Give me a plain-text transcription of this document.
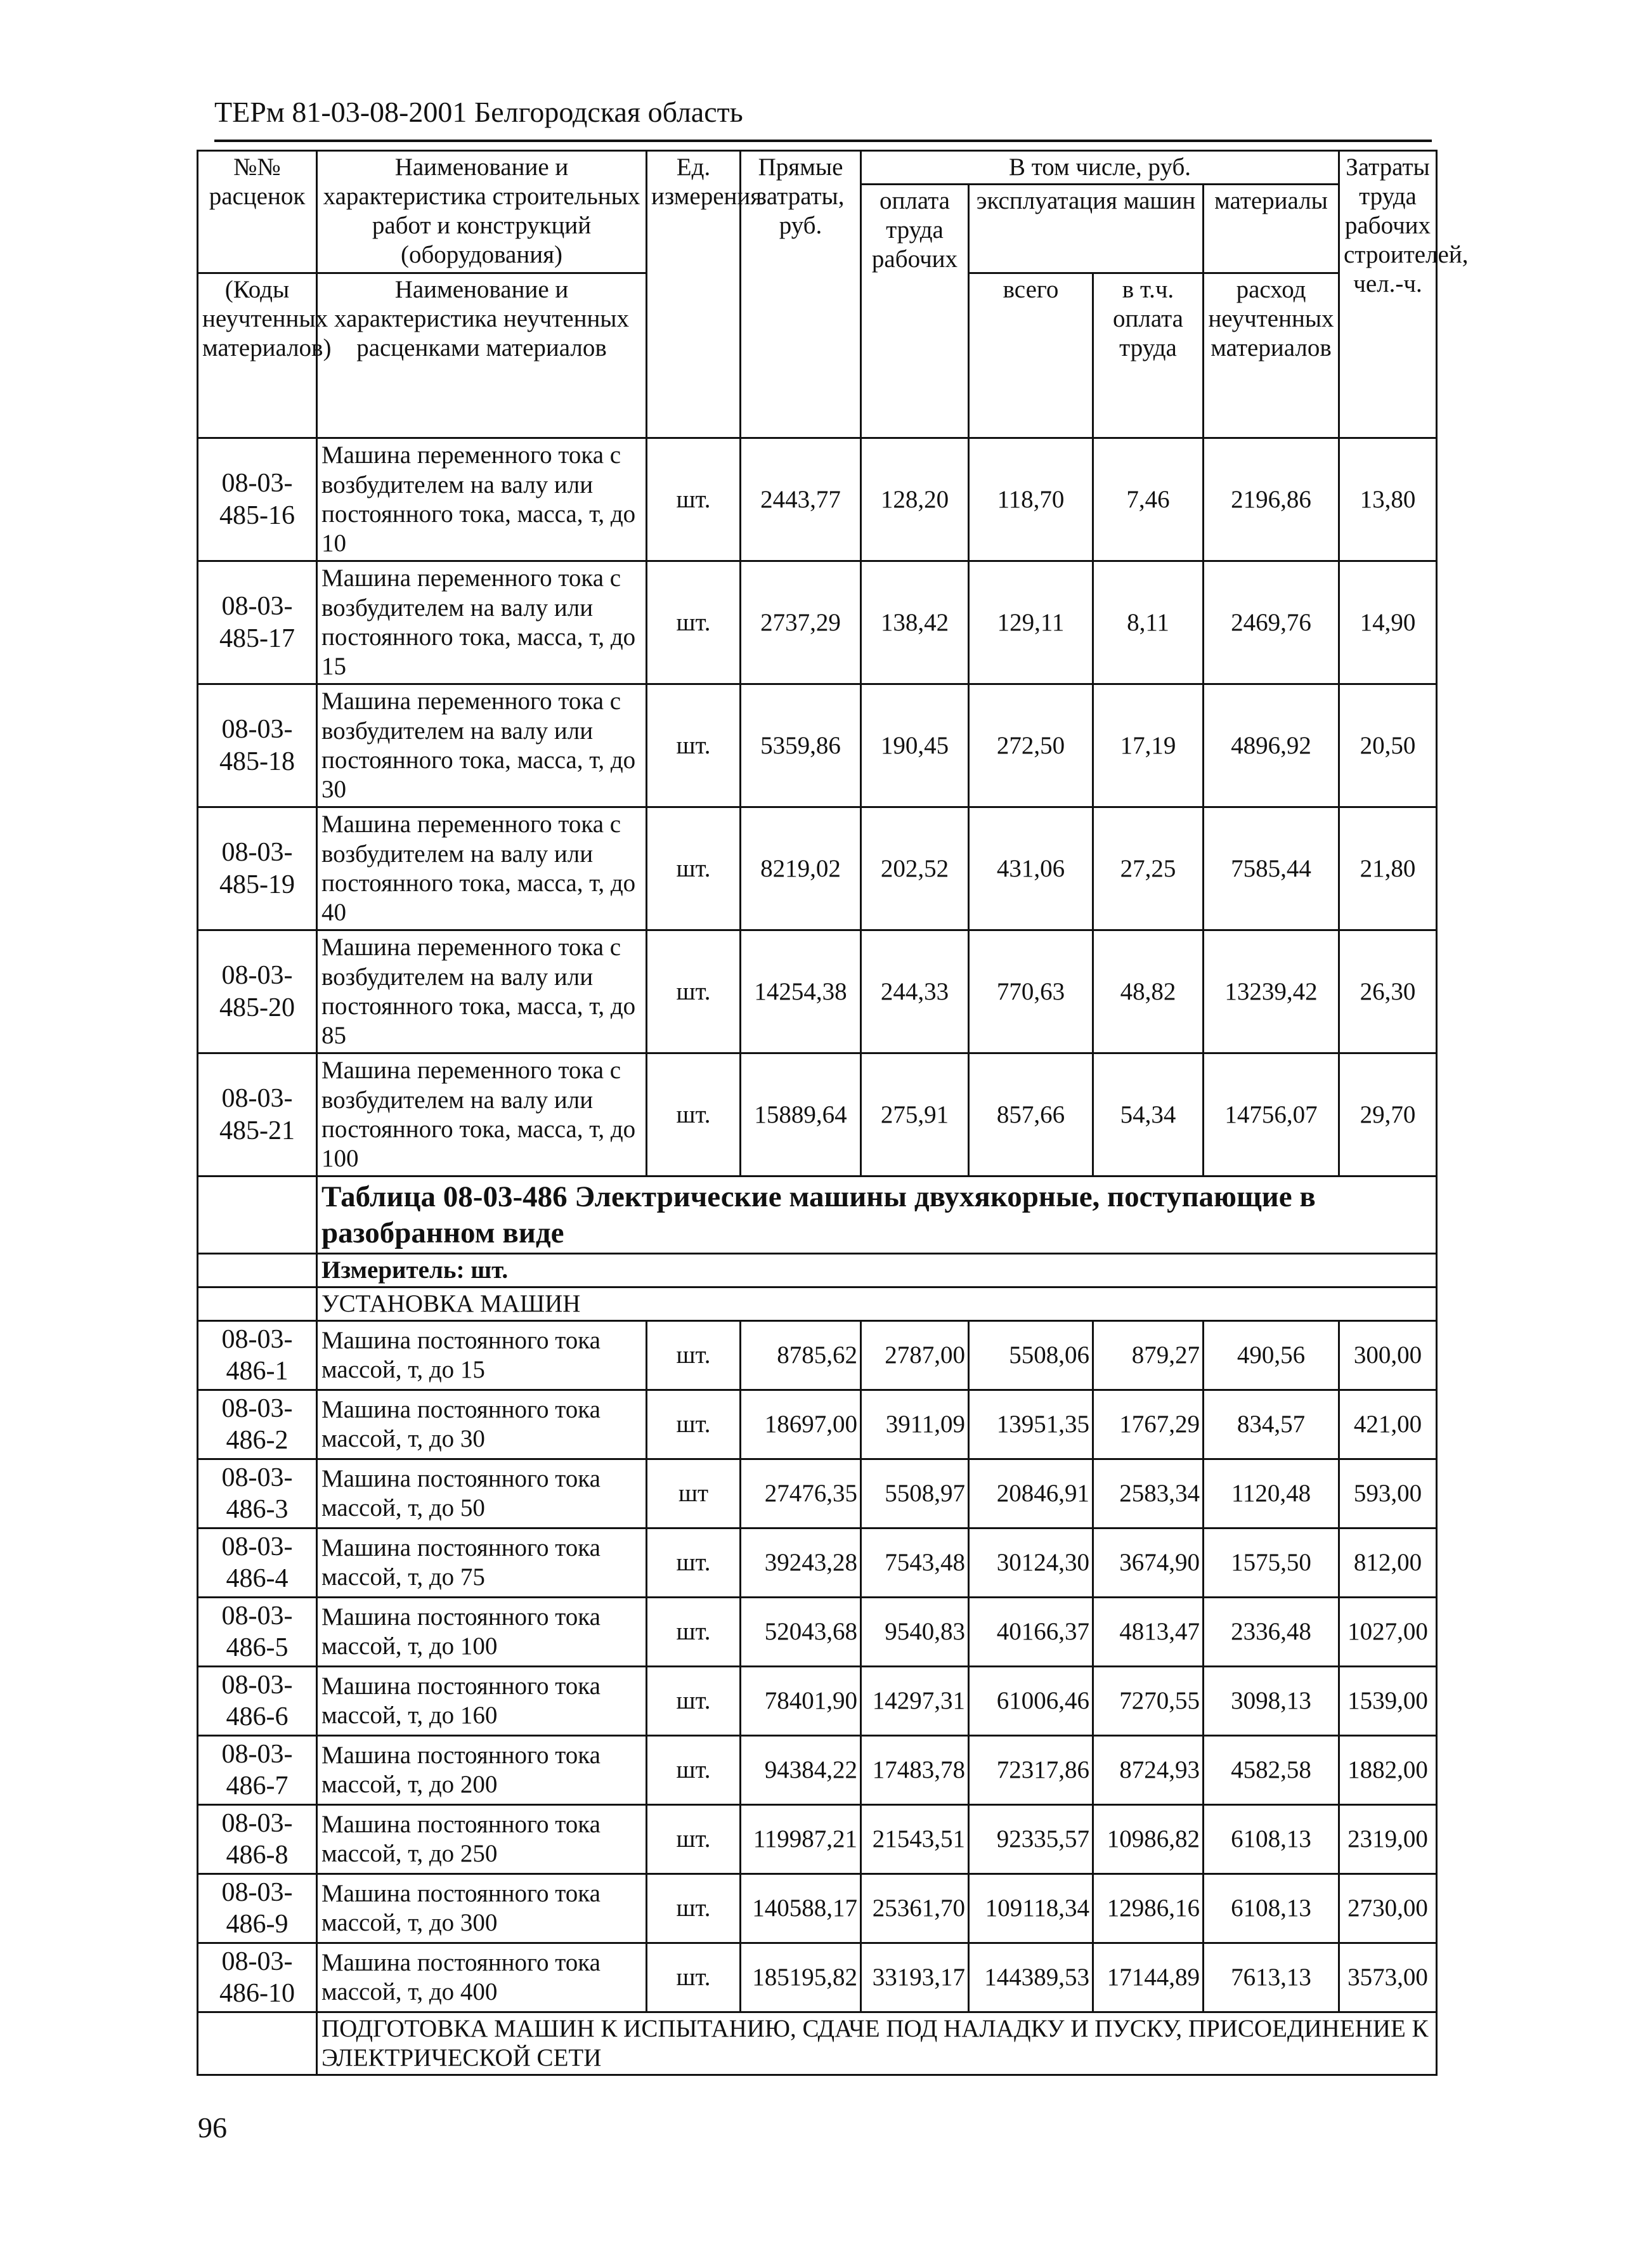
ТЕРм 81-03-08-2001 Белгородская область
№№ расценок	Наименование и характеристика строительных работ и конструкций (оборудования)	Ед. измерения	Прямые затраты, руб.	В том числе, руб.				Затраты труда рабочих строителей, чел.-ч.
				оплата труда рабочих	эксплуатация машин		материалы	
(Коды неучтенных материалов)	Наименование и характеристика неучтенных расценками материалов				всего	в т.ч. оплата труда	расход неучтенных материалов	

08-03-485-16	Машина переменного тока с возбудителем на валу или постоянного тока, масса, т, до 10	шт.	2443,77	128,20	118,70	7,46	2196,86	13,80
08-03-485-17	Машина переменного тока с возбудителем на валу или постоянного тока, масса, т, до 15	шт.	2737,29	138,42	129,11	8,11	2469,76	14,90
08-03-485-18	Машина переменного тока с возбудителем на валу или постоянного тока, масса, т, до 30	шт.	5359,86	190,45	272,50	17,19	4896,92	20,50
08-03-485-19	Машина переменного тока с возбудителем на валу или постоянного тока, масса, т, до 40	шт.	8219,02	202,52	431,06	27,25	7585,44	21,80
08-03-485-20	Машина переменного тока с возбудителем на валу или постоянного тока, масса, т, до 85	шт.	14254,38	244,33	770,63	48,82	13239,42	26,30
08-03-485-21	Машина переменного тока с возбудителем на валу или постоянного тока, масса, т, до 100	шт.	15889,64	275,91	857,66	54,34	14756,07	29,70
	Таблица 08-03-486 Электрические машины двухякорные, поступающие в разобранном виде							
	Измеритель: шт.							
	УСТАНОВКА МАШИН							
08-03-486-1	Машина постоянного тока массой, т, до 15	шт.	8785,62	2787,00	5508,06	879,27	490,56	300,00
08-03-486-2	Машина постоянного тока массой, т, до 30	шт.	18697,00	3911,09	13951,35	1767,29	834,57	421,00
08-03-486-3	Машина постоянного тока массой, т, до 50	шт	27476,35	5508,97	20846,91	2583,34	1120,48	593,00
08-03-486-4	Машина постоянного тока массой, т, до 75	шт.	39243,28	7543,48	30124,30	3674,90	1575,50	812,00
08-03-486-5	Машина постоянного тока массой, т, до 100	шт.	52043,68	9540,83	40166,37	4813,47	2336,48	1027,00
08-03-486-6	Машина постоянного тока массой, т, до 160	шт.	78401,90	14297,31	61006,46	7270,55	3098,13	1539,00
08-03-486-7	Машина постоянного тока массой, т, до 200	шт.	94384,22	17483,78	72317,86	8724,93	4582,58	1882,00
08-03-486-8	Машина постоянного тока массой, т, до 250	шт.	119987,21	21543,51	92335,57	10986,82	6108,13	2319,00
08-03-486-9	Машина постоянного тока массой, т, до 300	шт.	140588,17	25361,70	109118,34	12986,16	6108,13	2730,00
08-03-486-10	Машина постоянного тока массой, т, до 400	шт.	185195,82	33193,17	144389,53	17144,89	7613,13	3573,00
	ПОДГОТОВКА МАШИН К ИСПЫТАНИЮ, СДАЧЕ ПОД НАЛАДКУ И ПУСКУ, ПРИСОЕДИНЕНИЕ К ЭЛЕКТРИЧЕСКОЙ СЕТИ							
96
